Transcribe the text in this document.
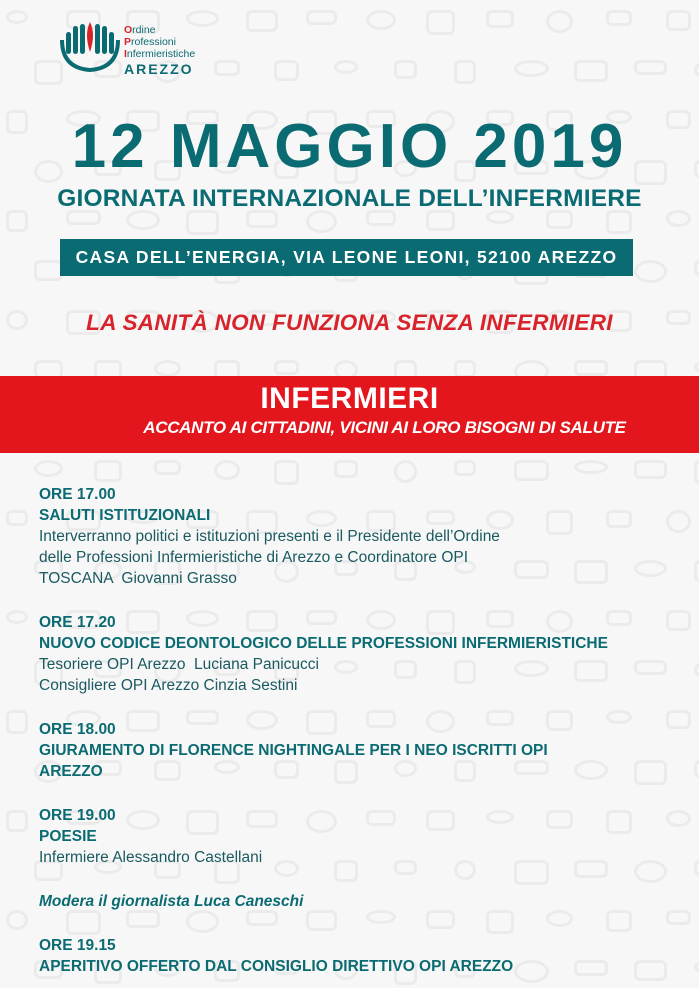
Ordine
Professioni
Infermieristiche
AREZZO
12 MAGGIO 2019
GIORNATA INTERNAZIONALE DELL’INFERMIERE
CASA DELL’ENERGIA, VIA LEONE LEONI, 52100 AREZZO
LA SANITÀ NON FUNZIONA SENZA INFERMIERI
INFERMIERI
ACCANTO AI CITTADINI, VICINI AI LORO BISOGNI DI SALUTE
ORE 17.00
SALUTI ISTITUZIONALI
Interverranno politici e istituzioni presenti e il Presidente dell’Ordine
delle Professioni Infermieristiche di Arezzo e Coordinatore OPI
TOSCANA  Giovanni Grasso
ORE 17.20
NUOVO CODICE DEONTOLOGICO DELLE PROFESSIONI INFERMIERISTICHE
Tesoriere OPI Arezzo  Luciana Panicucci
Consigliere OPI Arezzo Cinzia Sestini
ORE 18.00
GIURAMENTO DI FLORENCE NIGHTINGALE PER I NEO ISCRITTI OPI
AREZZO
ORE 19.00
POESIE
Infermiere Alessandro Castellani
Modera il giornalista Luca Caneschi
ORE 19.15
APERITIVO OFFERTO DAL CONSIGLIO DIRETTIVO OPI AREZZO
